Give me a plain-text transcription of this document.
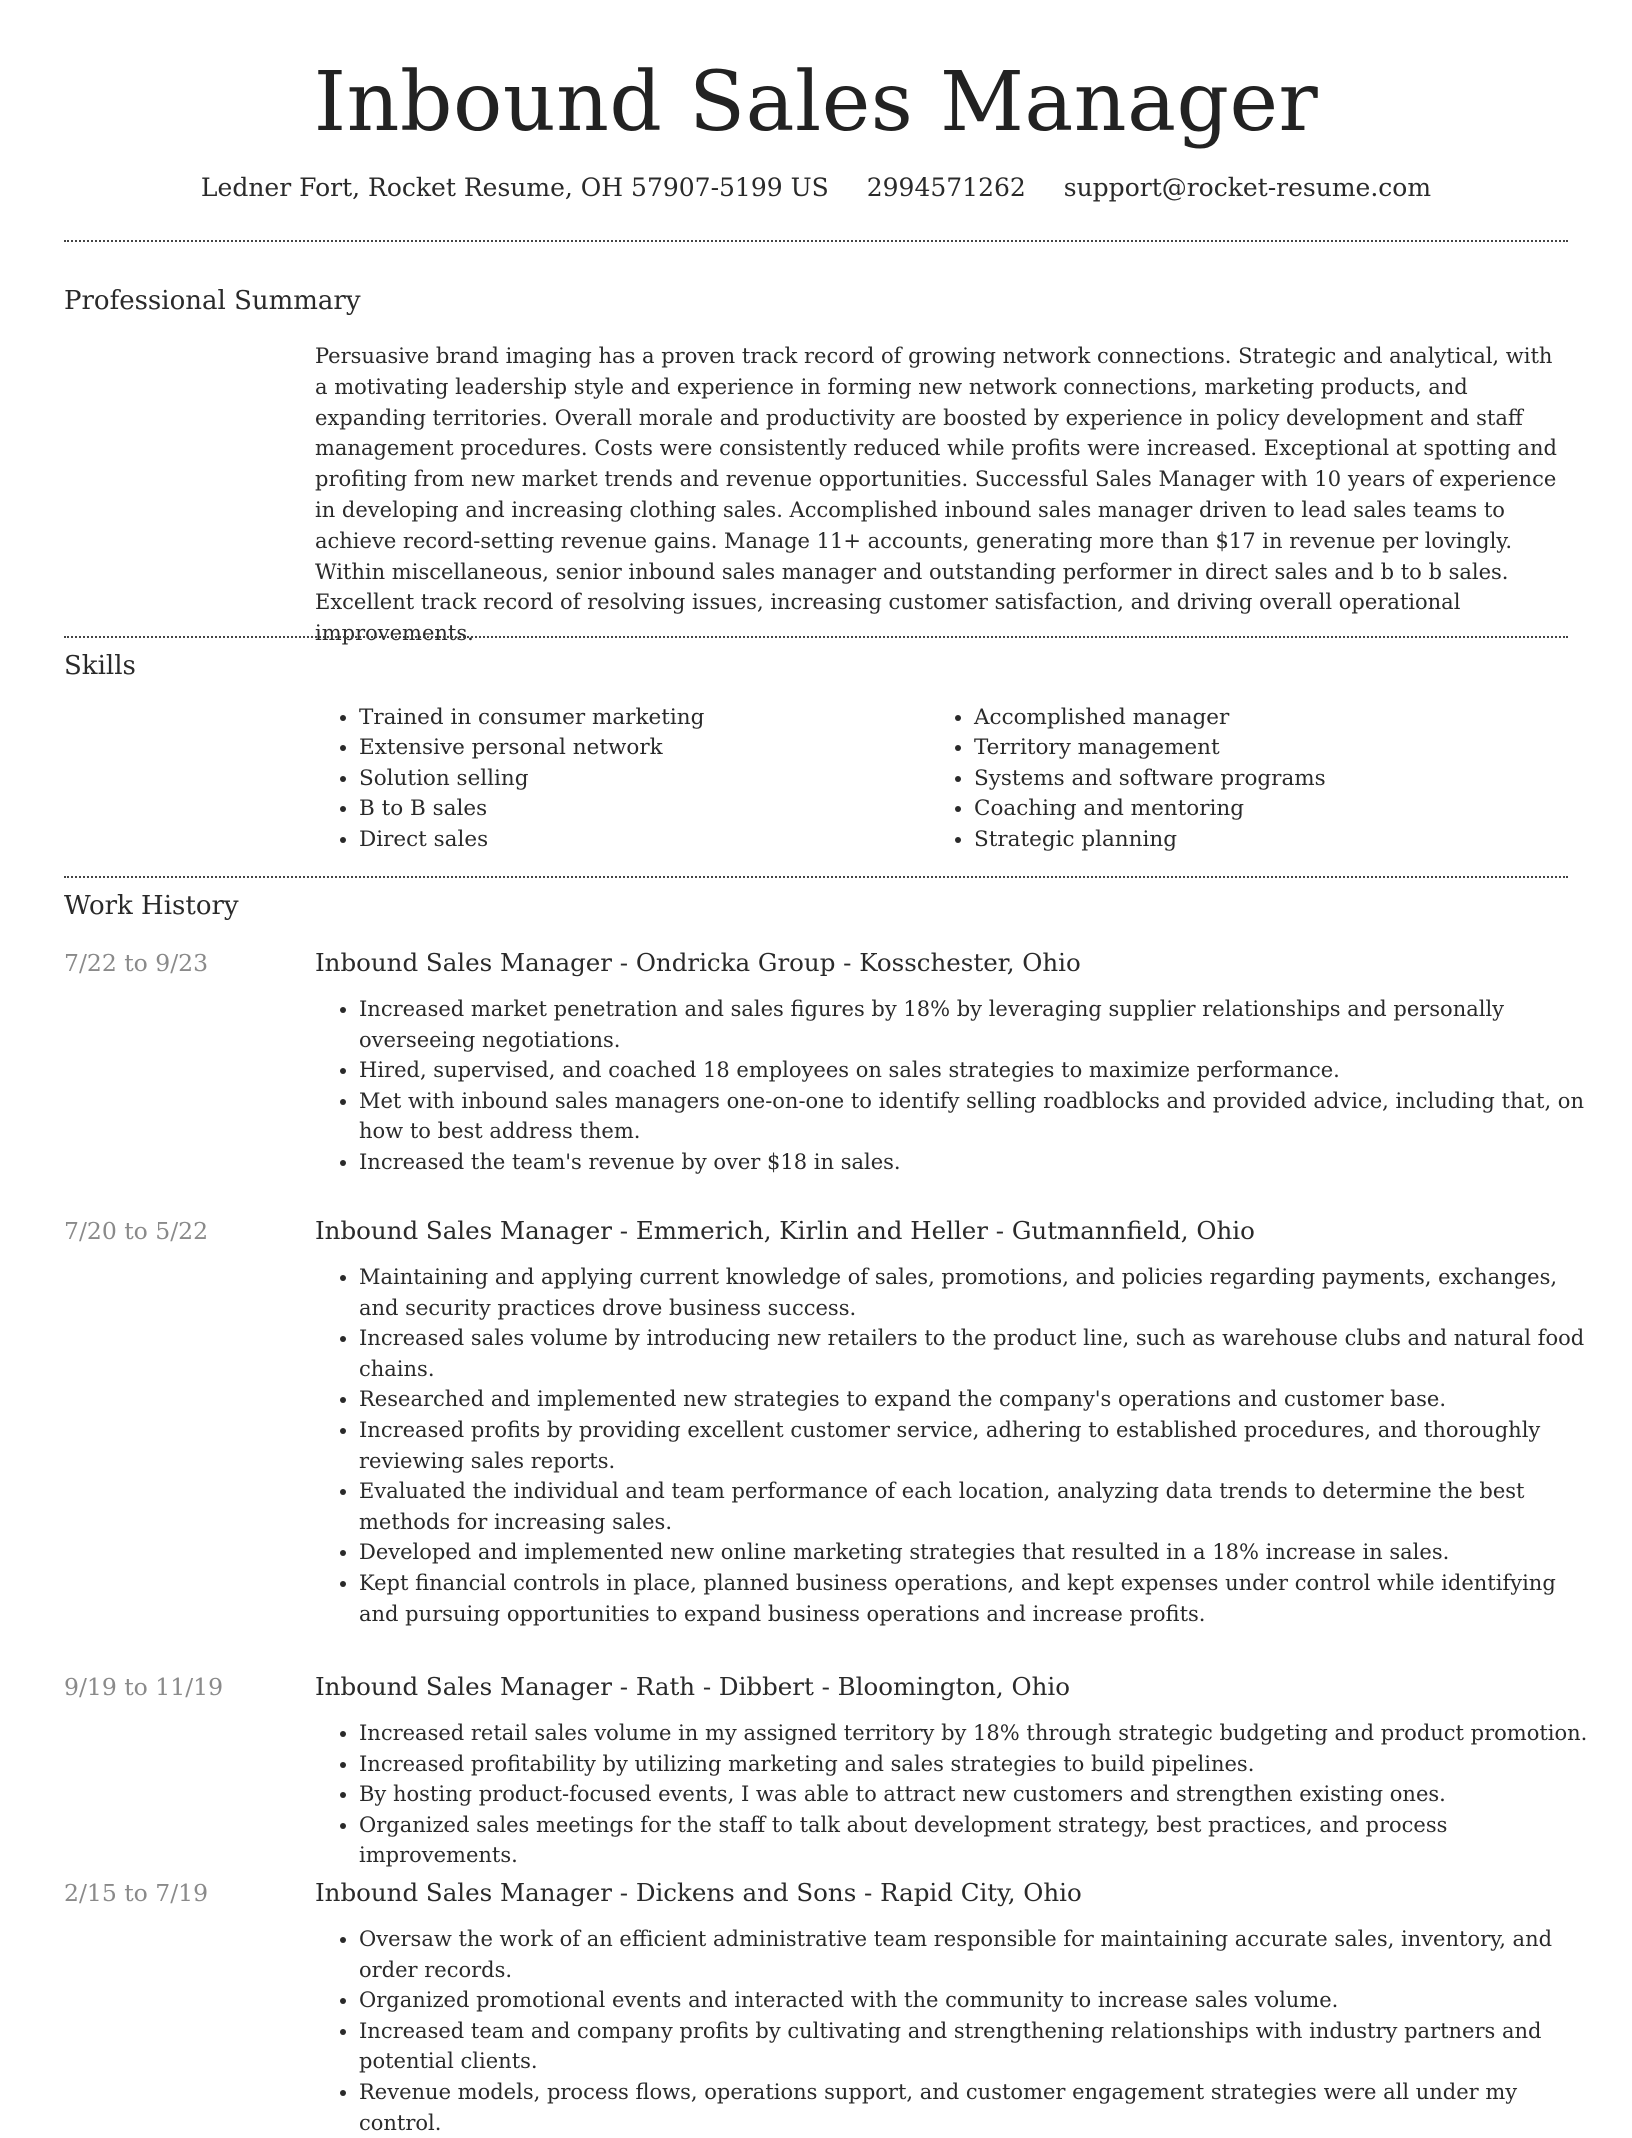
Inbound Sales Manager
Ledner Fort, Rocket Resume, OH 57907-5199 US 2994571262 support@rocket-resume.com
Professional Summary
Persuasive brand imaging has a proven track record of growing network connections. Strategic and analytical, with a motivating leadership style and experience in forming new network connections, marketing products, and expanding territories. Overall morale and productivity are boosted by experience in policy development and staff management procedures. Costs were consistently reduced while profits were increased. Exceptional at spotting and profiting from new market trends and revenue opportunities. Successful Sales Manager with 10 years of experience in developing and increasing clothing sales. Accomplished inbound sales manager driven to lead sales teams to achieve record-setting revenue gains. Manage 11+ accounts, generating more than $17 in revenue per lovingly. Within miscellaneous, senior inbound sales manager and outstanding performer in direct sales and b to b sales. Excellent track record of resolving issues, increasing customer satisfaction, and driving overall operational improvements.
Skills
• Trained in consumer marketing
• Extensive personal network
• Solution selling
• B to B sales
• Direct sales
• Accomplished manager
• Territory management
• Systems and software programs
• Coaching and mentoring
• Strategic planning
Work History
7/22 to 9/23	Inbound Sales Manager - Ondricka Group - Kosschester, Ohio
• Increased market penetration and sales figures by 18% by leveraging supplier relationships and personally overseeing negotiations.
• Hired, supervised, and coached 18 employees on sales strategies to maximize performance.
• Met with inbound sales managers one-on-one to identify selling roadblocks and provided advice, including that, on how to best address them.
• Increased the team's revenue by over $18 in sales.
7/20 to 5/22	Inbound Sales Manager - Emmerich, Kirlin and Heller - Gutmannfield, Ohio
• Maintaining and applying current knowledge of sales, promotions, and policies regarding payments, exchanges, and security practices drove business success.
• Increased sales volume by introducing new retailers to the product line, such as warehouse clubs and natural food chains.
• Researched and implemented new strategies to expand the company's operations and customer base.
• Increased profits by providing excellent customer service, adhering to established procedures, and thoroughly reviewing sales reports.
• Evaluated the individual and team performance of each location, analyzing data trends to determine the best methods for increasing sales.
• Developed and implemented new online marketing strategies that resulted in a 18% increase in sales.
• Kept financial controls in place, planned business operations, and kept expenses under control while identifying and pursuing opportunities to expand business operations and increase profits.
9/19 to 11/19	Inbound Sales Manager - Rath - Dibbert - Bloomington, Ohio
• Increased retail sales volume in my assigned territory by 18% through strategic budgeting and product promotion.
• Increased profitability by utilizing marketing and sales strategies to build pipelines.
• By hosting product-focused events, I was able to attract new customers and strengthen existing ones.
• Organized sales meetings for the staff to talk about development strategy, best practices, and process improvements.
2/15 to 7/19	Inbound Sales Manager - Dickens and Sons - Rapid City, Ohio
• Oversaw the work of an efficient administrative team responsible for maintaining accurate sales, inventory, and order records.
• Organized promotional events and interacted with the community to increase sales volume.
• Increased team and company profits by cultivating and strengthening relationships with industry partners and potential clients.
• Revenue models, process flows, operations support, and customer engagement strategies were all under my control.
